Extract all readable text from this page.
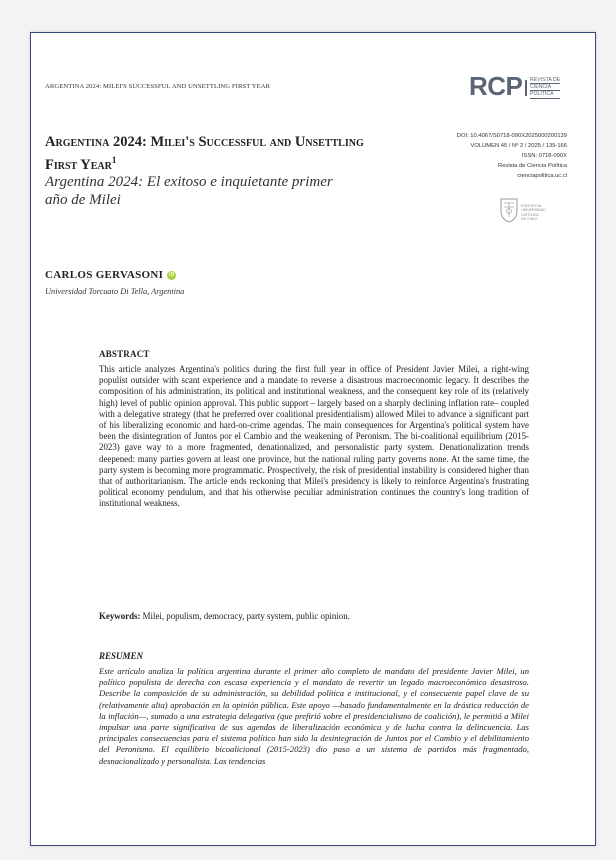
ARGENTINA 2024: MILEI'S SUCCESSFUL AND UNSETTLING FIRST YEAR	RCP REVISTA DE
CIENCIA
POLÍTICA
Argentina 2024: Milei's Successful and Unsettling First Year$^1$
Argentina 2024: El exitoso e inquietante primer año de Milei
DOI: 10.4067/S0718-090X2025000200139
VOLUMEN 45 / Nº 2 / 2025 / 139-166
ISSN: 0718-090X
Revista de Ciencia Política
cienciapolitica.uc.cl
PONTIFICIA
UNIVERSIDAD
CATÓLICA
DE CHILE
CARLOS GERVASONI	iD
Universidad Torcuato Di Tella, Argentina
ABSTRACT
This article analyzes Argentina's politics during the first full year in office of President Javier Milei, a right-wing populist outsider with scant experience and a mandate to reverse a disastrous macroeconomic legacy. It describes the composition of his administration, its political and institutional weakness, and the consequent key role of its (relatively high) level of public opinion approval. This public support – largely based on a sharply declining inflation rate– coupled with a delegative strategy (that he preferred over coalitional presidentialism) allowed Milei to advance a significant part of his liberalizing economic and hard-on-crime agendas. The main consequences for Argentina's political system have been the disintegration of Juntos por el Cambio and the weakening of Peronism. The bi-coalitional equilibrium (2015-2023) gave way to a more fragmented, denationalized, and personalistic party system. Denationalization trends deepened: many parties govern at least one province, but the national ruling party governs none. At the same time, the party system is becoming more programmatic. Prospectively, the risk of presidential instability is considered higher than that of authoritarianism. The article ends reckoning that Milei's presidency is likely to reinforce Argentina's frustrating political economy pendulum, and that his otherwise peculiar administration continues the country's long tradition of institutional weakness.
Keywords: Milei, populism, democracy, party system, public opinion.
RESUMEN
Este artículo analiza la política argentina durante el primer año completo de mandato del presidente Javier Milei, un político populista de derecha con escasa experiencia y el mandato de revertir un legado macroeconómico desastroso. Describe la composición de su administración, su debilidad política e institucional, y el consecuente papel clave de su (relativamente alta) aprobación en la opinión pública. Este apoyo —basado fundamentalmente en la drástica reducción de la inflación—, sumado a una estrategia delegativa (que prefirió sobre el presidencialismo de coalición), le permitió a Milei impulsar una parte significativa de sus agendas de liberalización económica y de lucha contra la delincuencia. Las principales consecuencias para el sistema político han sido la desintegración de Juntos por el Cambio y el debilitamiento del Peronismo. El equilibrio bicoalicional (2015-2023) dio paso a un sistema de partidos más fragmentado, desnacionalizado y personalista. Las tendencias
